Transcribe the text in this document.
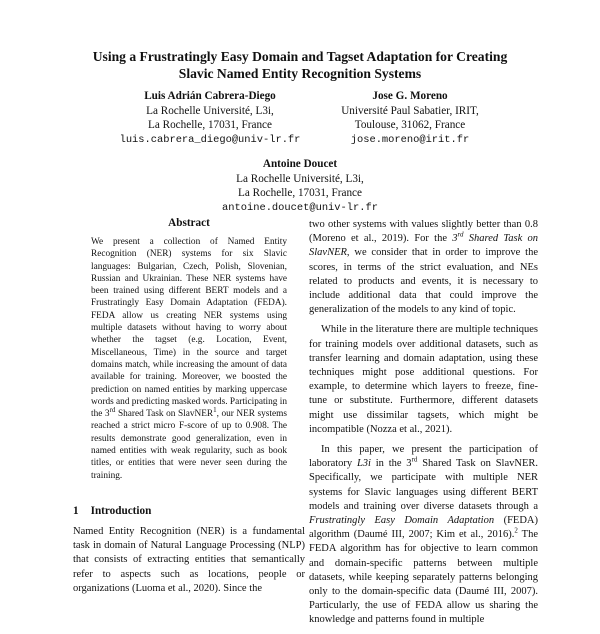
Using a Frustratingly Easy Domain and Tagset Adaptation for Creating
Slavic Named Entity Recognition Systems
Luis Adrián Cabrera-Diego
La Rochelle Université, L3i,
La Rochelle, 17031, France
luis.cabrera_diego@univ-lr.fr
Jose G. Moreno
Université Paul Sabatier, IRIT,
Toulouse, 31062, France
jose.moreno@irit.fr
Antoine Doucet
La Rochelle Université, L3i,
La Rochelle, 17031, France
antoine.doucet@univ-lr.fr
Abstract
We present a collection of Named Entity Recognition (NER) systems for six Slavic languages: Bulgarian, Czech, Polish, Slovenian, Russian and Ukrainian. These NER systems have been trained using different BERT models and a Frustratingly Easy Domain Adaptation (FEDA). FEDA allow us creating NER systems using multiple datasets without having to worry about whether the tagset (e.g. Location, Event, Miscellaneous, Time) in the source and target domains match, while increasing the amount of data available for training. Moreover, we boosted the prediction on named entities by marking uppercase words and predicting masked words. Participating in the 3rd Shared Task on SlavNER$^1$, our NER systems reached a strict micro F-score of up to 0.908. The results demonstrate good generalization, even in named entities with weak regularity, such as book titles, or entities that were never seen during the training.
1 Introduction
Named Entity Recognition (NER) is a fundamental task in domain of Natural Language Processing (NLP) that consists of extracting entities that semantically refer to aspects such as locations, people or organizations (Luoma et al., 2020). Since the

two other systems with values slightly better than 0.8 (Moreno et al., 2019). For the 3rd Shared Task on SlavNER, we consider that in order to improve the scores, in terms of the strict evaluation, and NEs related to products and events, it is necessary to include additional data that could improve the generalization of the models to any kind of topic.

While in the literature there are multiple techniques for training models over additional datasets, such as transfer learning and domain adaptation, using these techniques might pose additional questions. For example, to determine which layers to freeze, fine-tune or substitute. Furthermore, different datasets might use dissimilar tagsets, which might be incompatible (Nozza et al., 2021).

In this paper, we present the participation of laboratory L3i in the 3rd Shared Task on SlavNER. Specifically, we participate with multiple NER systems for Slavic languages using different BERT models and training over diverse datasets through a Frustratingly Easy Domain Adaptation (FEDA) algorithm (Daumé III, 2007; Kim et al., 2016).$^2$ The FEDA algorithm has for objective to learn common and domain-specific patterns between multiple datasets, while keeping separately patterns belonging only to the domain-specific data (Daumé III, 2007). Particularly, the use of FEDA allow us sharing the knowledge and patterns found in multiple
